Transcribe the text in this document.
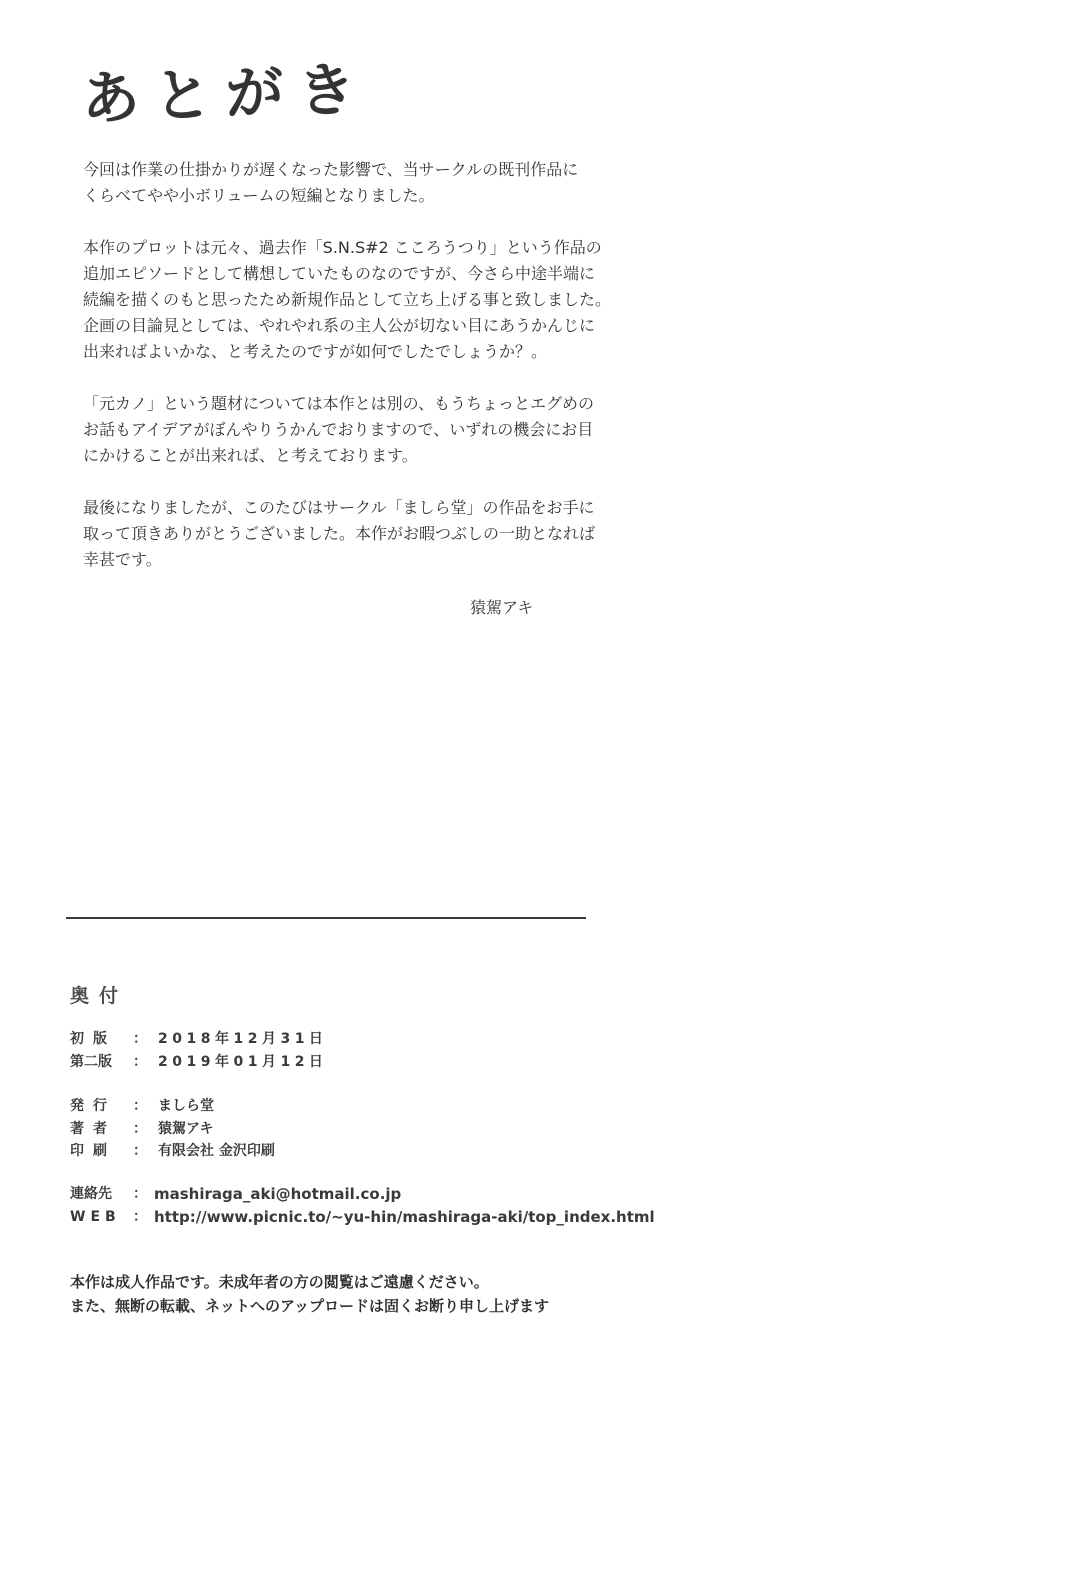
あとがき

今回は作業の仕掛かりが遅くなった影響で、当サークルの既刊作品に
くらべてやや小ボリュームの短編となりました。

本作のプロットは元々、過去作「S.N.S#2 こころうつり」という作品の
追加エピソードとして構想していたものなのですが、今さら中途半端に
続編を描くのもと思ったため新規作品として立ち上げる事と致しました。
企画の目論見としては、やれやれ系の主人公が切ない目にあうかんじに
出来ればよいかな、と考えたのですが如何でしたでしょうか？。

「元カノ」という題材については本作とは別の、もうちょっとエグめの
お話もアイデアがぼんやりうかんでおりますので、いずれの機会にお目
にかけることが出来れば、と考えております。

最後になりましたが、このたびはサークル「ましら堂」の作品をお手に
取って頂きありがとうございました。本作がお暇つぶしの一助となれば
幸甚です。

猿駕アキ
奥付
初版	： 2018年12月31日
第二版	： 2019年01月12日
発行	： ましら堂
著者	： 猿駕アキ
印刷	： 有限会社 金沢印刷
連絡先	： mashiraga_aki@hotmail.co.jp
WEB ： http://www.picnic.to/~yu-hin/mashiraga-aki/top_index.html
本作は成人作品です。未成年者の方の閲覧はご遠慮ください。
また、無断の転載、ネットへのアップロードは固くお断り申し上げます
